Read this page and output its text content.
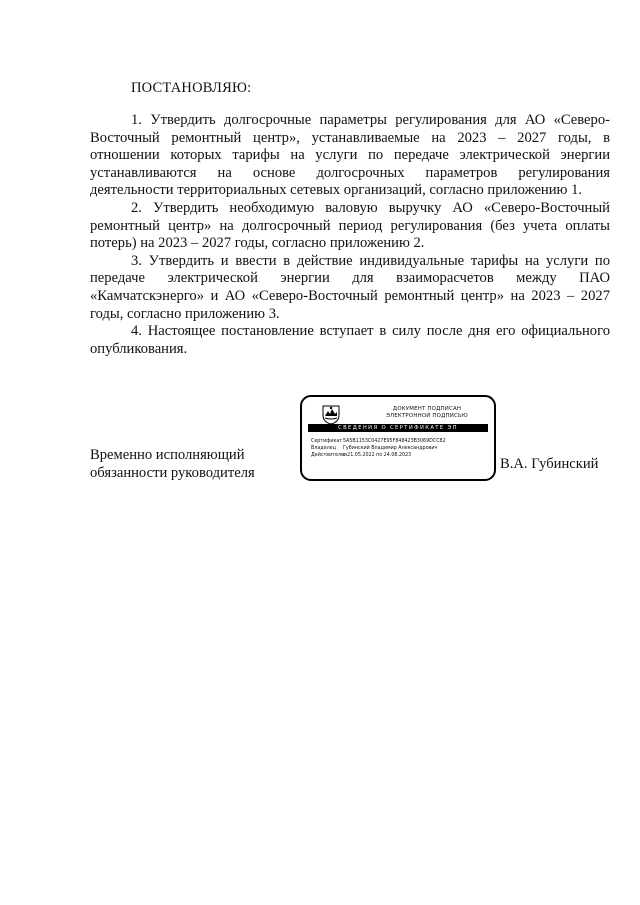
ПОСТАНОВЛЯЮ:

1. Утвердить долгосрочные параметры регулирования для АО «Северо-Восточный ремонтный центр», устанавливаемые на 2023 – 2027 годы, в отношении которых тарифы на услуги по передаче электрической энергии устанавливаются на основе долгосрочных параметров регулирования деятельности территориальных сетевых организаций, согласно приложению 1.

2. Утвердить необходимую валовую выручку АО «Северо-Восточный ремонтный центр» на долгосрочный период регулирования (без учета оплаты потерь) на 2023 – 2027 годы, согласно приложению 2.

3. Утвердить и ввести в действие индивидуальные тарифы на услуги по передаче электрической энергии для взаиморасчетов между ПАО «Камчатскэнерго» и АО «Северо-Восточный ремонтный центр» на 2023 – 2027 годы, согласно приложению 3.

4. Настоящее постановление вступает в силу после дня его официального опубликования.

Временно исполняющий
обязанности руководителя
ДОКУМЕНТ ПОДПИСАН
ЭЛЕКТРОННОЙ ПОДПИСЬЮ
СВЕДЕНИЯ О СЕРТИФИКАТЕ ЭП
Сертификат 5A5B1153C0427E95F848423B3069DCC82
Владелец	Губинский Владимир Александрович
Действителен
с 21.05.2022 по 24.08.2023
В.А. Губинский
